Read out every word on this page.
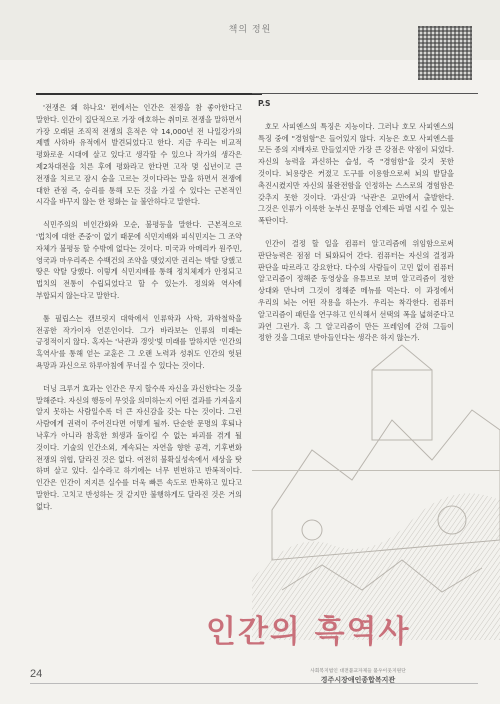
책의 정원

'전쟁은 왜 하나요' 편에서는 인간은 전쟁을 참 좋아한다고 말한다. 인간이 집단적으로 가장 애호하는 취미로 전쟁을 말하면서 가장 오래된 조직적 전쟁의 흔적은 약 14,000년 전 나일강가의 제벨 사하바 유적에서 발견되었다고 한다. 지금 우리는 비교적 평화로운 시대에 살고 있다고 생각할 수 있으나 작가의 생각은 제2차대전을 치른 후에 평화라고 한다면 고작 몇 십년이고 큰 전쟁을 치르고 잠시 숨을 고르는 것이다라는 말을 하면서 전쟁에 대한 관점 즉, 승리를 통해 모든 것을 가질 수 있다는 근본적인 시각을 바꾸지 않는 한 평화는 늘 불안하다고 말한다.

식민주의의 비인간화와 모순, 불평등을 말한다. 근본적으로 '법치에 대한 존중'이 없기 때문에 식민지배와 피식민지는 그 조약 자체가 불평등 할 수밖에 없다는 것이다. 미국과 아메리카 원주민, 영국과 마우리족은 수백건의 조약을 맺었지만 권리는 박탈 당했고 땅은 약탈 당했다. 이렇게 식민지배를 통해 정치체제가 안정되고 법치의 전통이 수립되었다고 할 수 있는가. 정의와 역사에 부합되지 않는다고 말한다.

톰 필립스는 캠브릿지 대학에서 인류학과 사학, 과학철학을 전공한 작가이자 언론인이다. 그가 바라보는 인류의 미래는 긍정적이지 않다. 혹자는 '낙관과 갱잇'빛 미래를 말하지만 '인간의 흑역사'를 통해 얻는 교훈은 그 오랜 노력과 성취도 인간의 헛된 욕망과 과신으로 하루아침에 무너질 수 있다는 것이다.

더닝 크루거 효과는 인간은 무지 할수록 자신을 과신한다는 것을 말해준다. 자신의 행동이 무엇을 의미하는지 어떤 결과를 가져올지 알지 못하는 사람일수록 더 큰 자신감을 갖는 다는 것이다. 그런 사람에게 권력이 주어진다면 어떻게 될까. 단순한 문명의 후퇴나 낙후가 아니라 참혹한 희생과 돌이킬 수 없는 파괴를 겪게 될 것이다. 기술의 인간소외, 계속되는 자연을 향한 공격, 기후변화 전쟁의 위협, 달라진 것은 없다. 여전히 불확실성속에서 세상을 탓 하며 살고 있다. 실수라고 하기에는 너무 빈번하고 반복적이다. 인간은 인간이 저지른 실수를 더욱 빠른 속도로 반복하고 있다고 말한다. 고치고 반성하는 것 같지만 불행하게도 달라진 것은 거의 없다.

P.S

호모 사피엔스의 특징은 지능이다. 그러나 호모 사피엔스의 특징 중에 "경험함"은 들어있지 않다. 지능은 호모 사피엔스를 모든 종의 지배자로 만들었지만 가장 큰 강점은 약점이 되었다. 자신의 능력을 과신하는 습성, 즉 "경험함"을 갖지 못한 것이다. 뇌용량은 커졌고 도구를 이용함으로써 뇌의 발달을 촉진시켰지만 자신의 불완전함을 인정하는 스스로의 경험함은 갖추지 못한 것이다. '과신'과 '낙관'은 교만에서 출발한다. 그것은 인류가 이룩한 눈부신 문명을 언제든 파멸 시킬 수 있는 폭탄이다.

인간이 결정 할 일을 컴퓨터 알고리즘에 위임함으로써 판단능력은 점점 더 퇴화되어 간다. 컴퓨터는 자신의 결정과 판단을 따르라고 강요한다. 다수의 사람들이 고민 없이 컴퓨터 알고리즘이 정해준 동영상을 유튜브로 보며 알고리즘이 정한 상대와 만나며 그것이 정해준 메뉴를 먹는다. 이 과정에서 우리의 뇌는 어떤 작용을 하는가. 우리는 착각한다. 컴퓨터 알고리즘이 패턴을 연구하고 인식해서 선택의 폭을 넓혀준다고 과연 그런가. 혹 그 알고리즘이 만든 프레임에 갇혀 그들이 정한 것을 그대로 받아들인다는 생각은 하지 않는가.

인간의 흑역사
24	사회복지법인 대전불교자제들 불우이웃지원단
경주시장애인종합복지관
